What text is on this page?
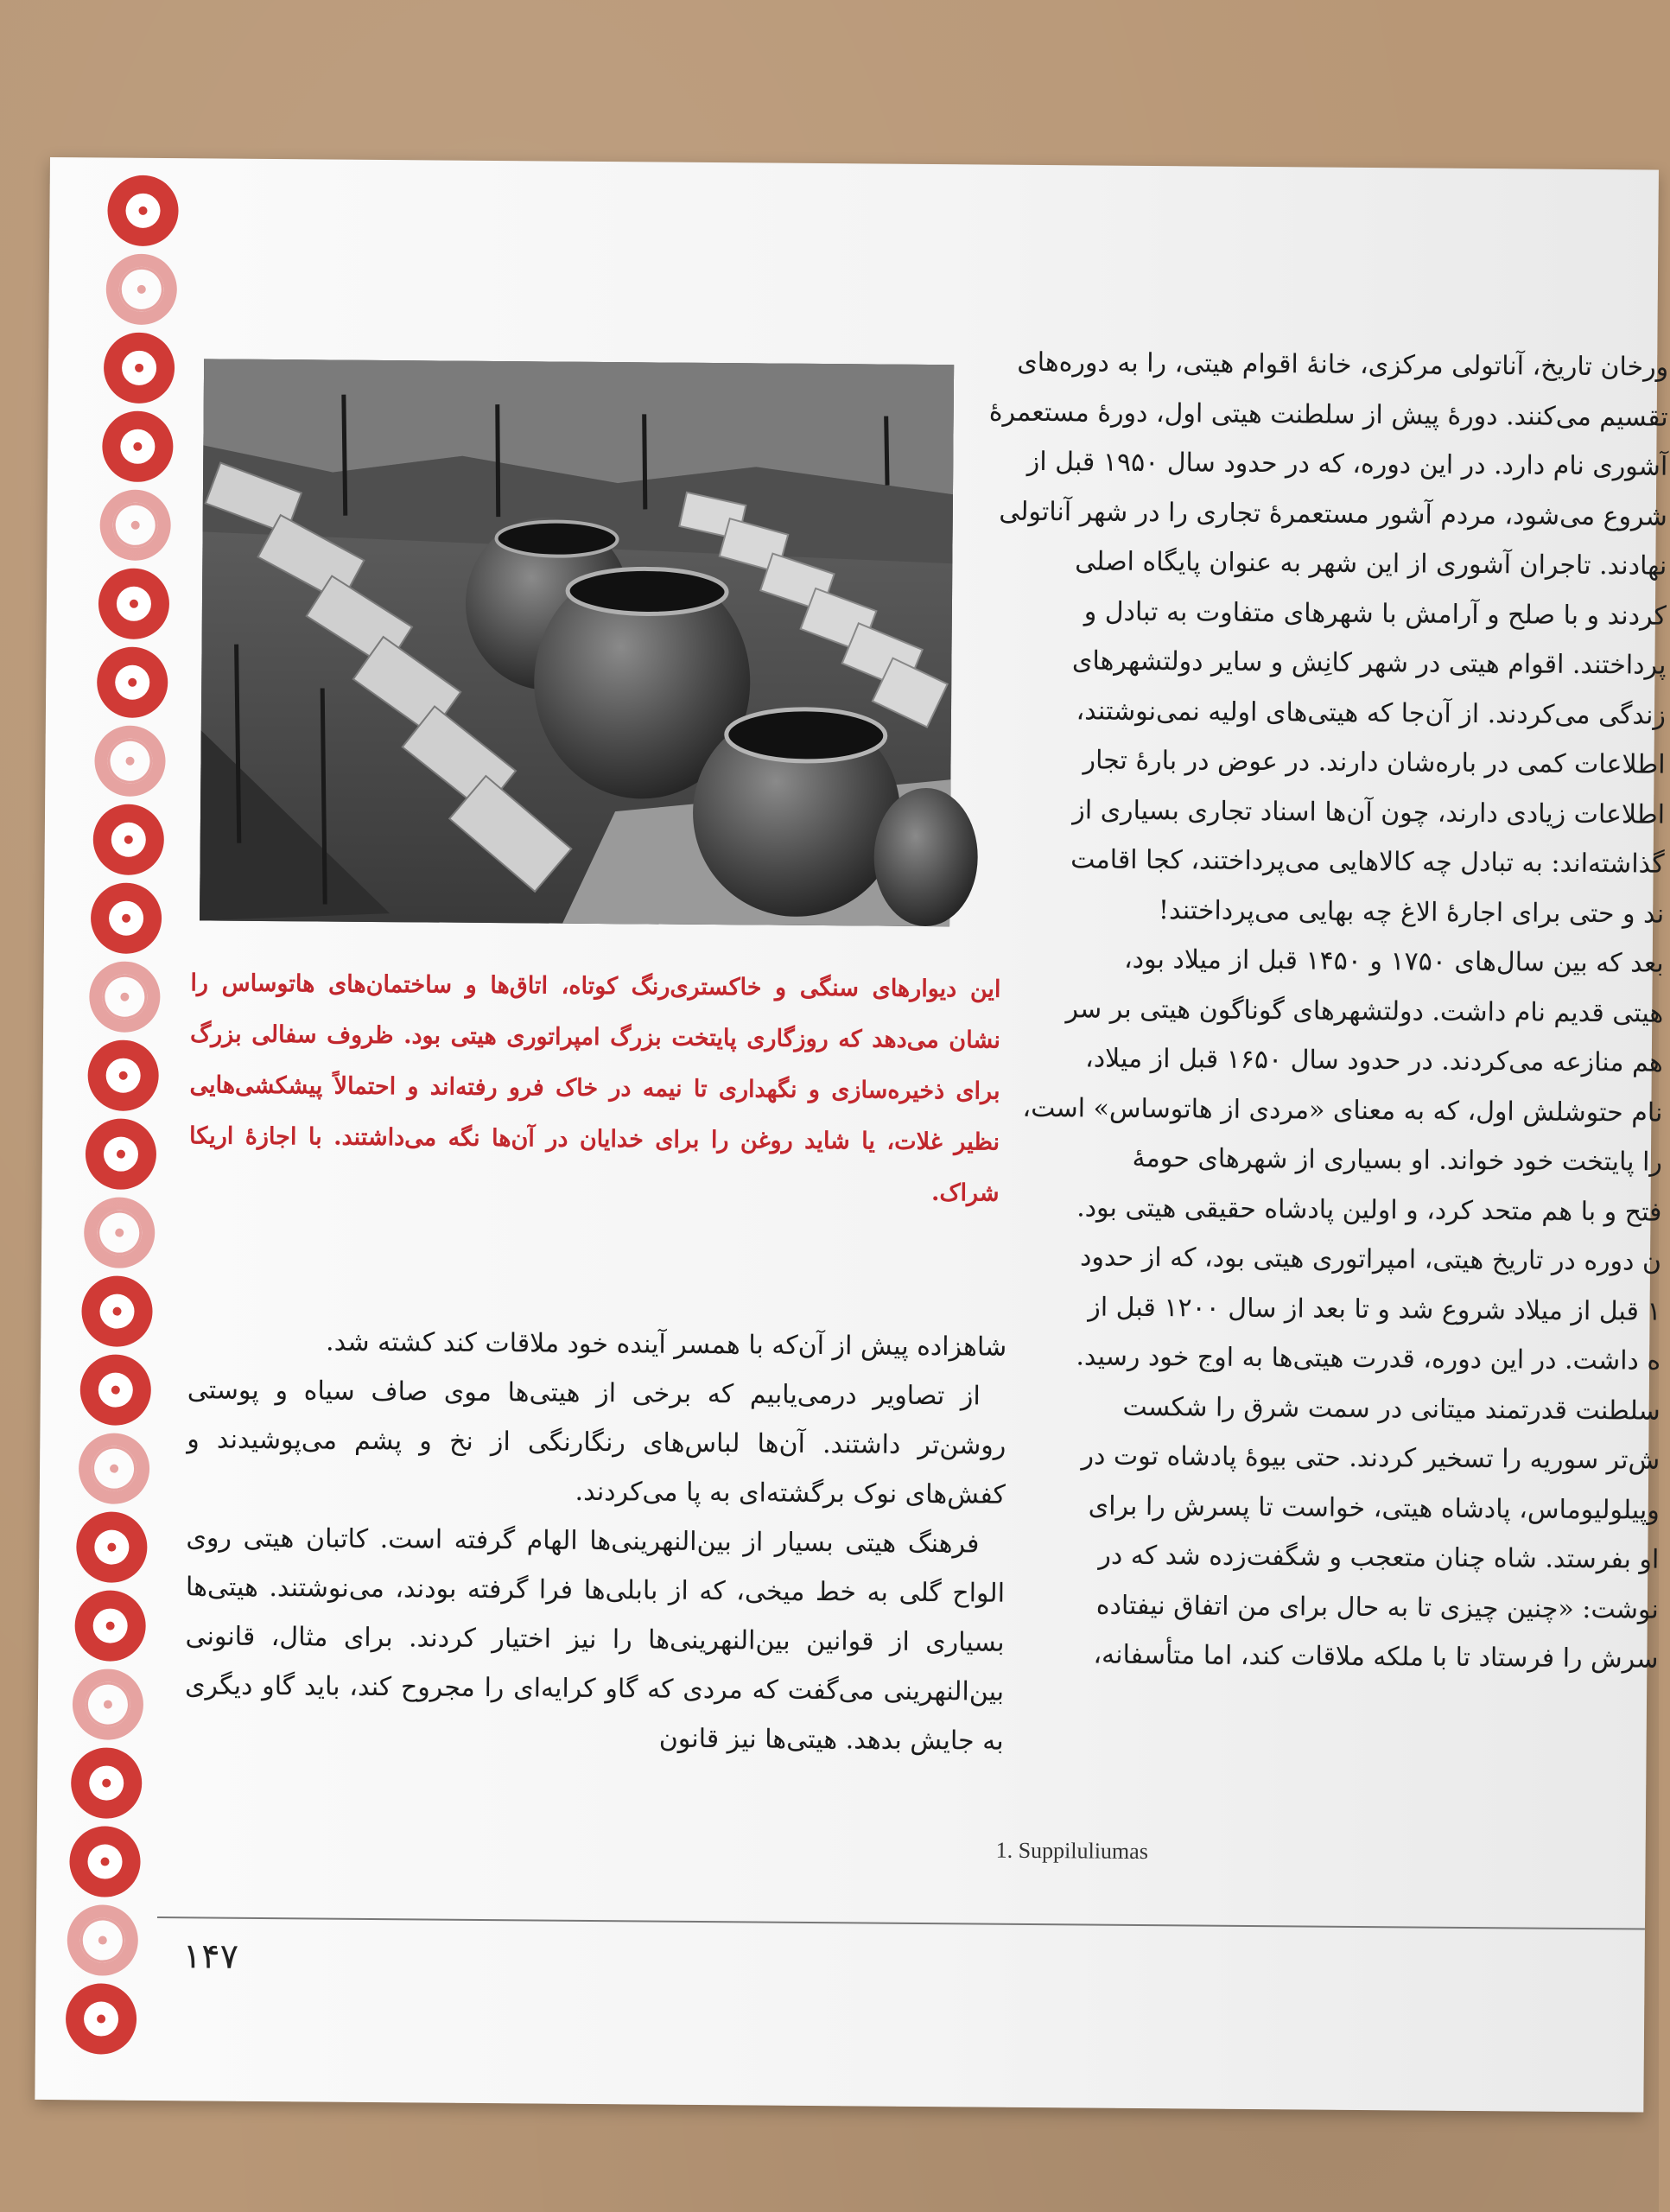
این دیوارهای سنگی و خاکستری‌رنگ کوتاه، اتاق‌ها و ساختمان‌های هاتوساس را نشان می‌دهد که روزگاری پایتخت بزرگ امپراتوری هیتی بود. ظروف سفالی بزرگ برای ذخیره‌سازی و نگهداری تا نیمه در خاک فرو رفته‌اند و احتمالاً پیشکشی‌هایی نظیر غلات، یا شاید روغن را برای خدایان در آن‌ها نگه می‌داشتند. با اجازهٔ اریکا شراک.

شاهزاده پیش از آن‌که با همسر آینده خود ملاقات کند کشته شد.

از تصاویر درمی‌یابیم که برخی از هیتی‌ها موی صاف سیاه و پوستی روشن‌تر داشتند. آن‌ها لباس‌های رنگارنگی از نخ و پشم می‌پوشیدند و کفش‌های نوک برگشته‌ای به پا می‌کردند.

فرهنگ هیتی بسیار از بین‌النهرینی‌ها الهام گرفته است. کاتبان هیتی روی الواح گلی به خط میخی، که از بابلی‌ها فرا گرفته بودند، می‌نوشتند. هیتی‌ها بسیاری از قوانین بین‌النهرینی‌ها را نیز اختیار کردند. برای مثال، قانونی بین‌النهرینی می‌گفت که مردی که گاو کرایه‌ای را مجروح کند، باید گاو دیگری به جایش بدهد. هیتی‌ها نیز قانون

ورخان تاریخ، آناتولی مرکزی، خانهٔ اقوام هیتی، را به دوره‌های

تقسیم می‌کنند. دورهٔ پیش از سلطنت هیتی اول، دورهٔ مستعمرهٔ

آشوری نام دارد. در این دوره، که در حدود سال ۱۹۵۰ قبل از

شروع می‌شود، مردم آشور مستعمرهٔ تجاری را در شهر آناتولی

نهادند. تاجران آشوری از این شهر به عنوان پایگاه اصلی

کردند و با صلح و آرامش با شهرهای متفاوت به تبادل و

پرداختند. اقوام هیتی در شهر کانِش و سایر دولتشهرهای

زندگی می‌کردند. از آن‌جا که هیتی‌های اولیه نمی‌نوشتند،

اطلاعات کمی در باره‌شان دارند. در عوض در بارهٔ تجار

اطلاعات زیادی دارند، چون آن‌ها اسناد تجاری بسیاری از

گذاشته‌اند: به تبادل چه کالاهایی می‌پرداختند، کجا اقامت

ند و حتی برای اجارهٔ الاغ چه بهایی می‌پرداختند!

بعد که بین سال‌های ۱۷۵۰ و ۱۴۵۰ قبل از میلاد بود،

هیتی قدیم نام داشت. دولتشهرهای گوناگون هیتی بر سر

هم منازعه می‌کردند. در حدود سال ۱۶۵۰ قبل از میلاد،

نام حتوشلش اول، که به معنای «مردی از هاتوساس» است،

را پایتخت خود خواند. او بسیاری از شهرهای حومهٔ

فتح و با هم متحد کرد، و اولین پادشاه حقیقی هیتی بود.

ن دوره در تاریخ هیتی، امپراتوری هیتی بود، که از حدود

۱ قبل از میلاد شروع شد و تا بعد از سال ۱۲۰۰ قبل از

ه داشت. در این دوره، قدرت هیتی‌ها به اوج خود رسید.

سلطنت قدرتمند میتانی در سمت شرق را شکست

ش‌تر سوریه را تسخیر کردند. حتی بیوهٔ پادشاه توت در

وپیلولیوماس، پادشاه هیتی، خواست تا پسرش را برای

او بفرستد. شاه چنان متعجب و شگفت‌زده شد که در

نوشت: «چنین چیزی تا به حال برای من اتفاق نیفتاده

سرش را فرستاد تا با ملکه ملاقات کند، اما متأسفانه،

1. Suppiluliumas
۱۴۷
